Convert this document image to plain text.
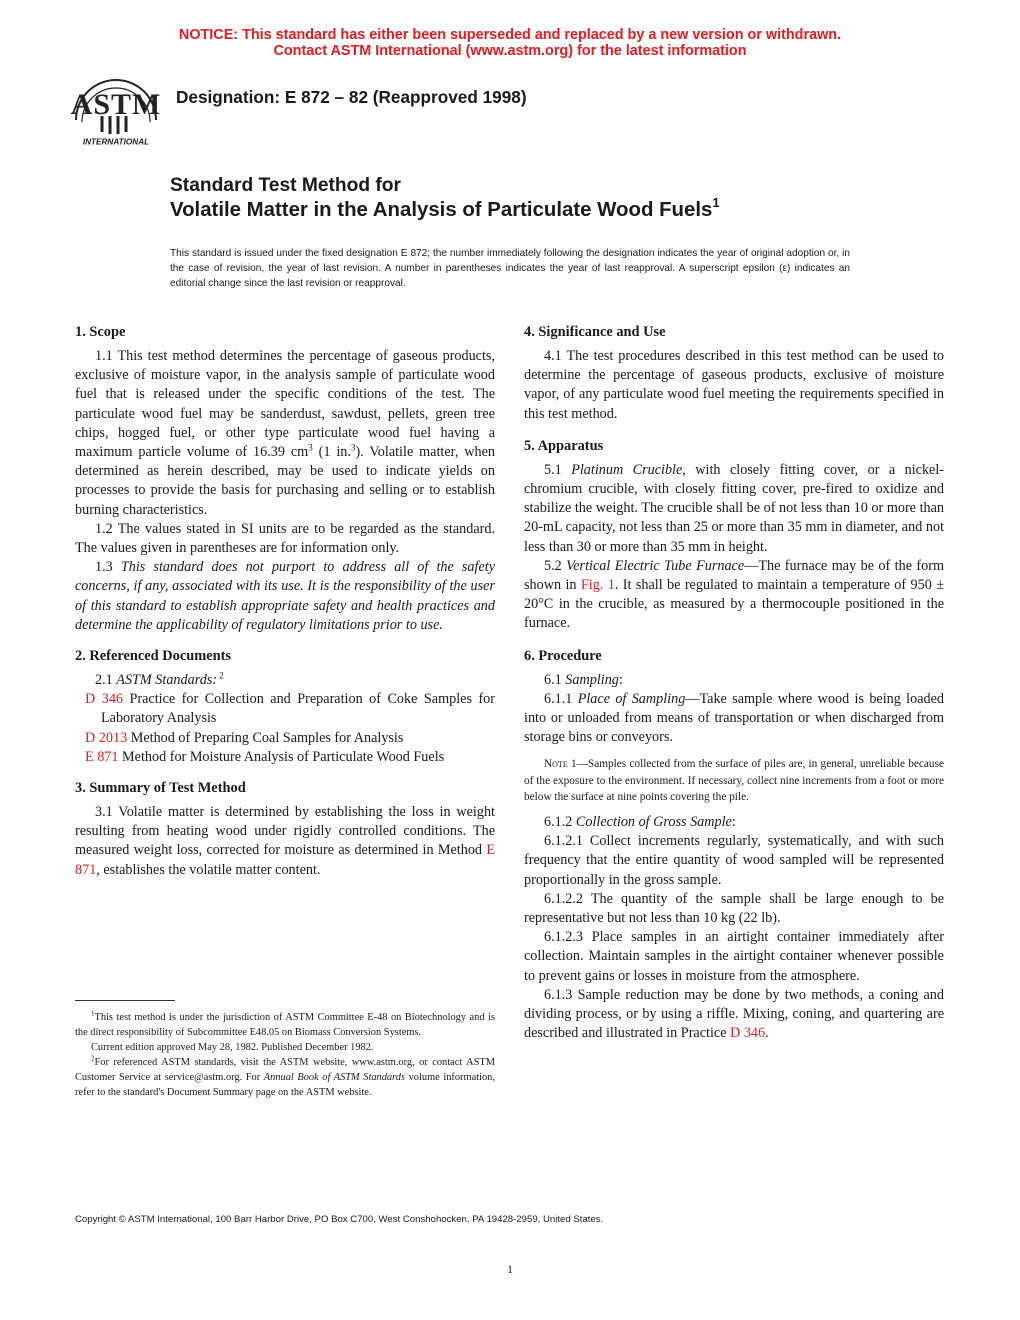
NOTICE: This standard has either been superseded and replaced by a new version or withdrawn.
Contact ASTM International (www.astm.org) for the latest information
ASTM
INTERNATIONAL
Designation: E 872 – 82 (Reapproved 1998)
Standard Test Method for
Volatile Matter in the Analysis of Particulate Wood Fuels$^1$
This standard is issued under the fixed designation E 872; the number immediately following the designation indicates the year of original adoption or, in the case of revision, the year of last revision. A number in parentheses indicates the year of last reapproval. A superscript epsilon (ε) indicates an editorial change since the last revision or reapproval.
1. Scope

1.1 This test method determines the percentage of gaseous products, exclusive of moisture vapor, in the analysis sample of particulate wood fuel that is released under the specific conditions of the test. The particulate wood fuel may be sanderdust, sawdust, pellets, green tree chips, hogged fuel, or other type particulate wood fuel having a maximum particle volume of 16.39 $cm^3$ (1 in.$^3$). Volatile matter, when determined as herein described, may be used to indicate yields on processes to provide the basis for purchasing and selling or to establish burning characteristics.

1.2 The values stated in SI units are to be regarded as the standard. The values given in parentheses are for information only.

1.3 This standard does not purport to address all of the safety concerns, if any, associated with its use. It is the responsibility of the user of this standard to establish appropriate safety and health practices and determine the applicability of regulatory limitations prior to use.

2. Referenced Documents

2.1 ASTM Standards: $^2$

D 346 Practice for Collection and Preparation of Coke Samples for Laboratory Analysis

D 2013 Method of Preparing Coal Samples for Analysis

E 871 Method for Moisture Analysis of Particulate Wood Fuels

3. Summary of Test Method

3.1 Volatile matter is determined by establishing the loss in weight resulting from heating wood under rigidly controlled conditions. The measured weight loss, corrected for moisture as determined in Method E 871, establishes the volatile matter content.

$^1$This test method is under the jurisdiction of ASTM Committee E-48 on Biotechnology and is the direct responsibility of Subcommittee E48.05 on Biomass Conversion Systems.

Current edition approved May 28, 1982. Published December 1982.

$^2$For referenced ASTM standards, visit the ASTM website, www.astm.org, or contact ASTM Customer Service at service@astm.org. For Annual Book of ASTM Standards volume information, refer to the standard's Document Summary page on the ASTM website.

4. Significance and Use

4.1 The test procedures described in this test method can be used to determine the percentage of gaseous products, exclusive of moisture vapor, of any particulate wood fuel meeting the requirements specified in this test method.

5. Apparatus

5.1 Platinum Crucible, with closely fitting cover, or a nickel-chromium crucible, with closely fitting cover, pre-fired to oxidize and stabilize the weight. The crucible shall be of not less than 10 or more than 20-mL capacity, not less than 25 or more than 35 mm in diameter, and not less than 30 or more than 35 mm in height.

5.2 Vertical Electric Tube Furnace—The furnace may be of the form shown in Fig. 1. It shall be regulated to maintain a temperature of 950 ± 20°C in the crucible, as measured by a thermocouple positioned in the furnace.

6. Procedure

6.1 Sampling:

6.1.1 Place of Sampling—Take sample where wood is being loaded into or unloaded from means of transportation or when discharged from storage bins or conveyors.

Note 1—Samples collected from the surface of piles are, in general, unreliable because of the exposure to the environment. If necessary, collect nine increments from a foot or more below the surface at nine points covering the pile.

6.1.2 Collection of Gross Sample:

6.1.2.1 Collect increments regularly, systematically, and with such frequency that the entire quantity of wood sampled will be represented proportionally in the gross sample.

6.1.2.2 The quantity of the sample shall be large enough to be representative but not less than 10 kg (22 lb).

6.1.2.3 Place samples in an airtight container immediately after collection. Maintain samples in the airtight container whenever possible to prevent gains or losses in moisture from the atmosphere.

6.1.3 Sample reduction may be done by two methods, a coning and dividing process, or by using a riffle. Mixing, coning, and quartering are described and illustrated in Practice D 346.

Copyright © ASTM International, 100 Barr Harbor Drive, PO Box C700, West Conshohocken, PA 19428-2959, United States.
1
